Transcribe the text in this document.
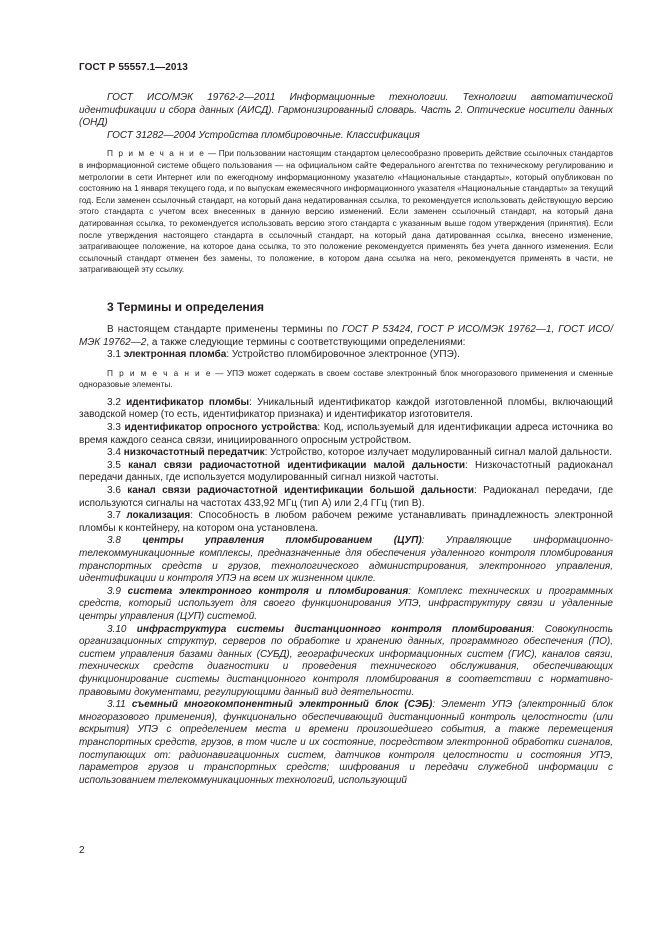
ГОСТ Р 55557.1—2013

ГОСТ ИСО/МЭК 19762-2—2011 Информационные технологии. Технологии автоматической идентификации и сбора данных (АИСД). Гармонизированный словарь. Часть 2. Оптические носители данных (ОНД)

ГОСТ 31282—2004 Устройства пломбировочные. Классификация

П р и м е ч а н и е — При пользовании настоящим стандартом целесообразно проверить действие ссылочных стандартов в информационной системе общего пользования — на официальном сайте Федерального агентства по техническому регулированию и метрологии в сети Интернет или по ежегодному информационному указателю «Национальные стандарты», который опубликован по состоянию на 1 января текущего года, и по выпускам ежемесячного информационного указателя «Национальные стандарты» за текущий год. Если заменен ссылочный стандарт, на который дана недатированная ссылка, то рекомендуется использовать действующую версию этого стандарта с учетом всех внесенных в данную версию изменений. Если заменен ссылочный стандарт, на который дана датированная ссылка, то рекомендуется использовать версию этого стандарта с указанным выше годом утверждения (принятия). Если после утверждения настоящего стандарта в ссылочный стандарт, на который дана датированная ссылка, внесено изменение, затрагивающее положение, на которое дана ссылка, то это положение рекомендуется применять без учета данного изменения. Если ссылочный стандарт отменен без замены, то положение, в котором дана ссылка на него, рекомендуется применять в части, не затрагивающей эту ссылку.

3 Термины и определения

В настоящем стандарте применены термины по ГОСТ Р 53424, ГОСТ Р ИСО/МЭК 19762—1, ГОСТ ИСО/МЭК 19762—2, а также следующие термины с соответствующими определениями:

3.1 электронная пломба: Устройство пломбировочное электронное (УПЭ).

П р и м е ч а н и е — УПЭ может содержать в своем составе электронный блок многоразового применения и сменные одноразовые элементы.

3.2 идентификатор пломбы: Уникальный идентификатор каждой изготовленной пломбы, включающий заводской номер (то есть, идентификатор признака) и идентификатор изготовителя.

3.3 идентификатор опросного устройства: Код, используемый для идентификации адреса источника во время каждого сеанса связи, инициированного опросным устройством.

3.4 низкочастотный передатчик: Устройство, которое излучает модулированный сигнал малой дальности.

3.5 канал связи радиочастотной идентификации малой дальности: Низкочастотный радиоканал передачи данных, где используется модулированный сигнал низкой частоты.

3.6 канал связи радиочастотной идентификации большой дальности: Радиоканал передачи, где используются сигналы на частотах 433,92 МГц (тип А) или 2,4 ГГц (тип В).

3.7 локализация: Способность в любом рабочем режиме устанавливать принадлежность электронной пломбы к контейнеру, на котором она установлена.

3.8 центры управления пломбированием (ЦУП): Управляющие информационно-телекоммуникационные комплексы, предназначенные для обеспечения удаленного контроля пломбирования транспортных средств и грузов, технологического администрирования, электронного управления, идентификации и контроля УПЭ на всем их жизненном цикле.

3.9 система электронного контроля и пломбирования: Комплекс технических и программных средств, который использует для своего функционирования УПЭ, инфраструктуру связи и удаленные центры управления (ЦУП) системой.

3.10 инфраструктура системы дистанционного контроля пломбирования: Совокупность организационных структур, серверов по обработке и хранению данных, программного обеспечения (ПО), систем управления базами данных (СУБД), географических информационных систем (ГИС), каналов связи, технических средств диагностики и проведения технического обслуживания, обеспечивающих функционирование системы дистанционного контроля пломбирования в соответствии с нормативно-правовыми документами, регулирующими данный вид деятельности.

3.11 съемный многокомпонентный электронный блок (СЭБ): Элемент УПЭ (электронный блок многоразового применения), функционально обеспечивающий дистанционный контроль целостности (или вскрытия) УПЭ с определением места и времени произошедшего события, а также перемещения транспортных средств, грузов, в том числе и их состояние, посредством электронной обработки сигналов, поступающих от: радионавигационных систем, датчиков контроля целостности и состояния УПЭ, параметров грузов и транспортных средств; шифрования и передачи служебной информации с использованием телекоммуникационных технологий, использующий

2
